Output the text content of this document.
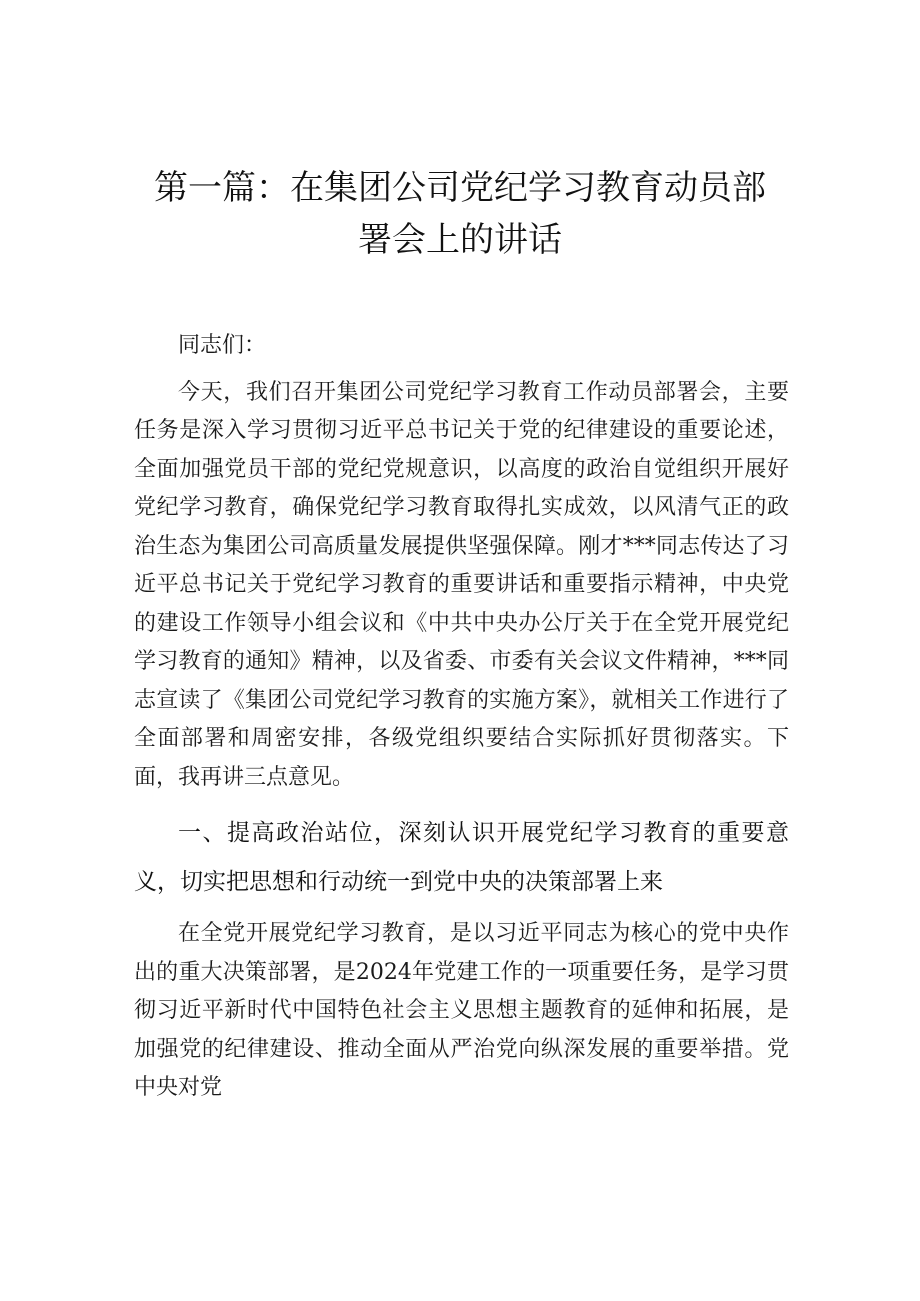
第一篇：在集团公司党纪学习教育动员部
署会上的讲话

同志们：

今天，我们召开集团公司党纪学习教育工作动员部署会，主要任务是深入学习贯彻习近平总书记关于党的纪律建设的重要论述，全面加强党员干部的党纪党规意识，以高度的政治自觉组织开展好党纪学习教育，确保党纪学习教育取得扎实成效，以风清气正的政治生态为集团公司高质量发展提供坚强保障。刚才***同志传达了习近平总书记关于党纪学习教育的重要讲话和重要指示精神，中央党的建设工作领导小组会议和《中共中央办公厅关于在全党开展党纪学习教育的通知》精神，以及省委、市委有关会议文件精神，***同志宣读了《集团公司党纪学习教育的实施方案》，就相关工作进行了全面部署和周密安排，各级党组织要结合实际抓好贯彻落实。下面，我再讲三点意见。

一、提高政治站位，深刻认识开展党纪学习教育的重要意义，切实把思想和行动统一到党中央的决策部署上来

在全党开展党纪学习教育，是以习近平同志为核心的党中央作出的重大决策部署，是2024年党建工作的一项重要任务，是学习贯彻习近平新时代中国特色社会主义思想主题教育的延伸和拓展，是加强党的纪律建设、推动全面从严治党向纵深发展的重要举措。党中央对党
